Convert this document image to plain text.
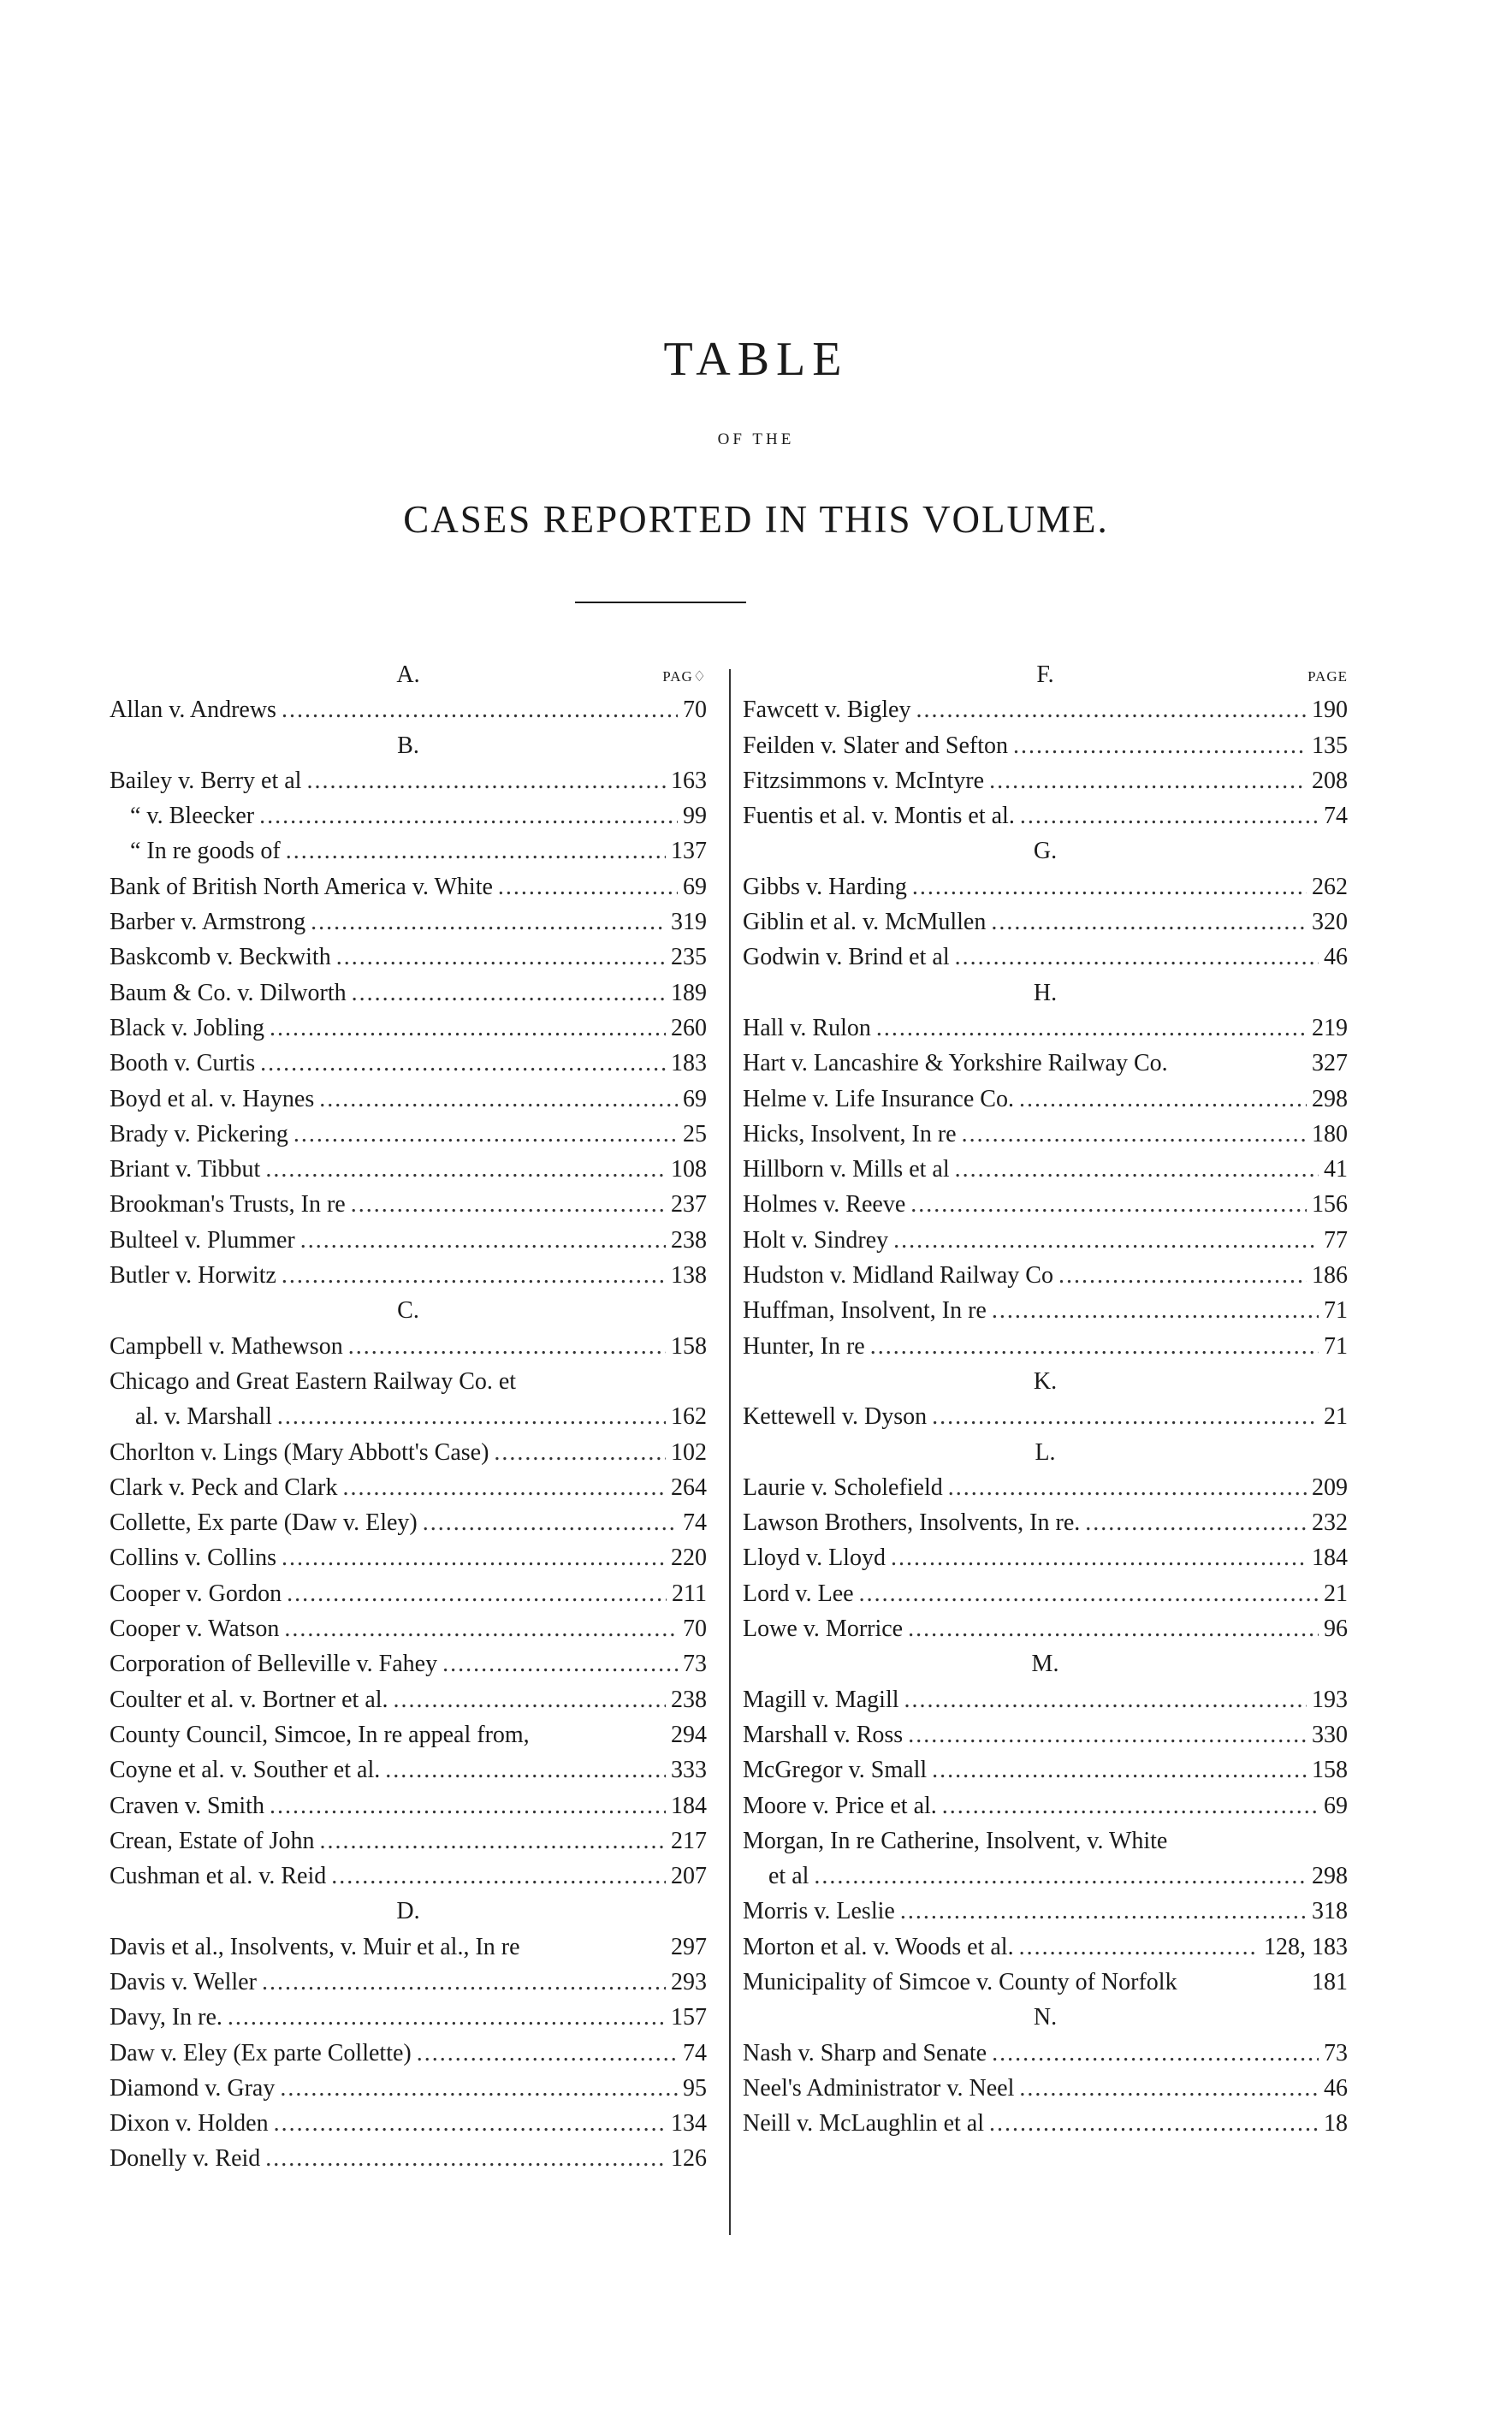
TABLE
OF THE
CASES REPORTED IN THIS VOLUME.
PAG♢
A.
Allan v. Andrews .....	70
B.
Bailey v. Berry et al .....	163
“ v. Bleecker .....	99
“ In re goods of .....	137
Bank of British North America v. White .....	69
Barber v. Armstrong .....	319
Baskcomb v. Beckwith .....	235
Baum & Co. v. Dilworth .....	189
Black v. Jobling .....	260
Booth v. Curtis .....	183
Boyd et al. v. Haynes .....	69
Brady v. Pickering .....	25
Briant v. Tibbut .....	108
Brookman's Trusts, In re .....	237
Bulteel v. Plummer .....	238
Butler v. Horwitz .....	138
C.
Campbell v. Mathewson .....	158
Chicago and Great Eastern Railway Co. et
al. v. Marshall .....	162
Chorlton v. Lings (Mary Abbott's Case) .....	102
Clark v. Peck and Clark .....	264
Collette, Ex parte (Daw v. Eley) .....	74
Collins v. Collins .....	220
Cooper v. Gordon .....	211
Cooper v. Watson .....	70
Corporation of Belleville v. Fahey .....	73
Coulter et al. v. Bortner et al. .....	238
County Council, Simcoe, In re appeal from,	294
Coyne et al. v. Souther et al. .....	333
Craven v. Smith .....	184
Crean, Estate of John .....	217
Cushman et al. v. Reid .....	207
D.
Davis et al., Insolvents, v. Muir et al., In re	297
Davis v. Weller .....	293
Davy, In re. .....	157
Daw v. Eley (Ex parte Collette) .....	74
Diamond v. Gray .....	95
Dixon v. Holden .....	134
Donelly v. Reid .....	126
PAGE
F.
Fawcett v. Bigley .....	190
Feilden v. Slater and Sefton .....	135
Fitzsimmons v. McIntyre .....	208
Fuentis et al. v. Montis et al. .....	74
G.
Gibbs v. Harding .....	262
Giblin et al. v. McMullen .....	320
Godwin v. Brind et al .....	46
H.
Hall v. Rulon .....	219
Hart v. Lancashire & Yorkshire Railway Co.	327
Helme v. Life Insurance Co. .....	298
Hicks, Insolvent, In re .....	180
Hillborn v. Mills et al .....	41
Holmes v. Reeve .....	156
Holt v. Sindrey .....	77
Hudston v. Midland Railway Co .....	186
Huffman, Insolvent, In re .....	71
Hunter, In re .....	71
K.
Kettewell v. Dyson .....	21
L.
Laurie v. Scholefield .....	209
Lawson Brothers, Insolvents, In re. .....	232
Lloyd v. Lloyd .....	184
Lord v. Lee .....	21
Lowe v. Morrice .....	96
M.
Magill v. Magill .....	193
Marshall v. Ross .....	330
McGregor v. Small .....	158
Moore v. Price et al. .....	69
Morgan, In re Catherine, Insolvent, v. White
et al .....	298
Morris v. Leslie .....	318
Morton et al. v. Woods et al. .....	128, 183
Municipality of Simcoe v. County of Norfolk	181
N.
Nash v. Sharp and Senate .....	73
Neel's Administrator v. Neel .....	46
Neill v. McLaughlin et al .....	18
